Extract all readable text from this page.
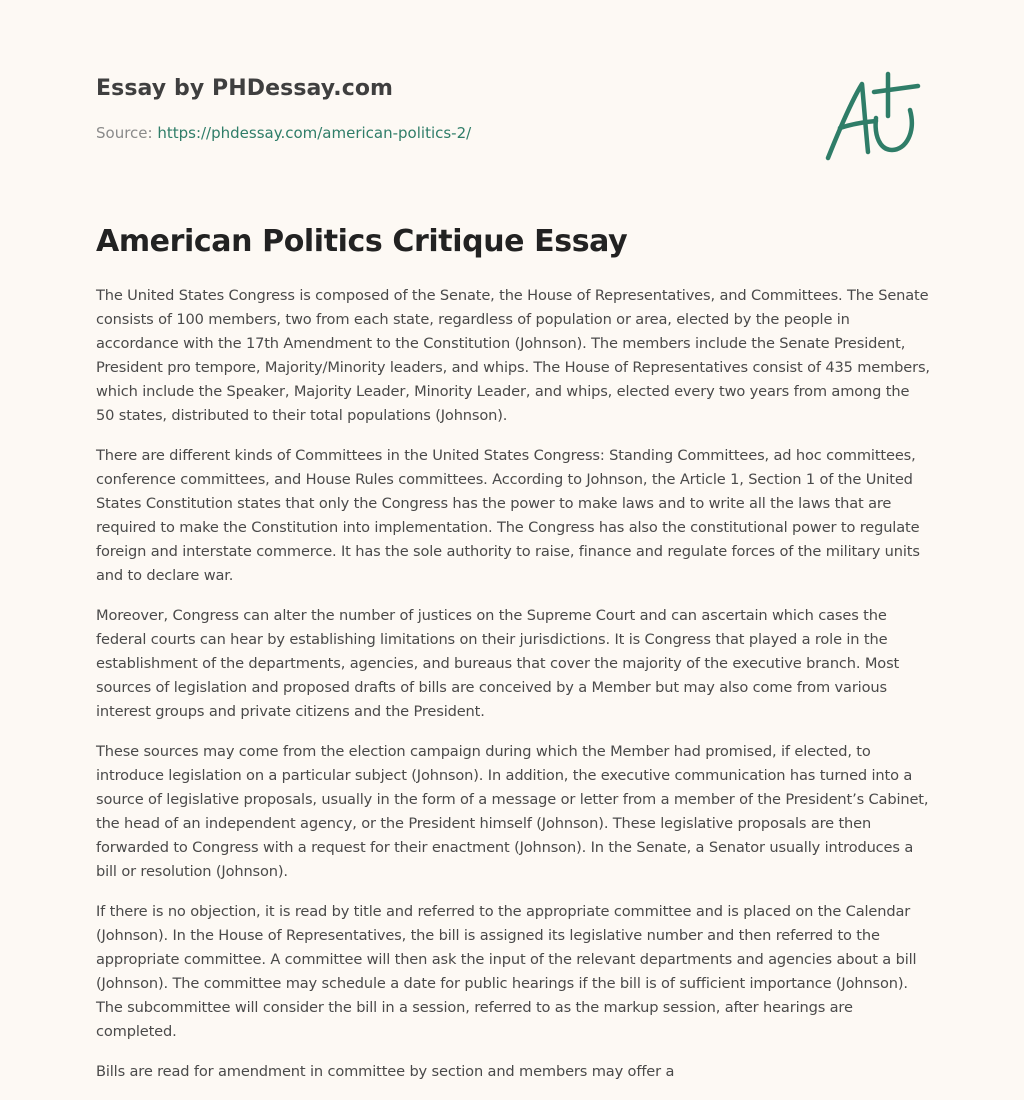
Essay by PHDessay.com
Source: https://phdessay.com/american-politics-2/
American Politics Critique Essay

The United States Congress is composed of the Senate, the House of Representatives, and Committees. The Senate consists of 100 members, two from each state, regardless of population or area, elected by the people in accordance with the 17th Amendment to the Constitution (Johnson). The members include the Senate President, President pro tempore, Majority/Minority leaders, and whips. The House of Representatives consist of 435 members, which include the Speaker, Majority Leader, Minority Leader, and whips, elected every two years from among the 50 states, distributed to their total populations (Johnson).

There are different kinds of Committees in the United States Congress: Standing Committees, ad hoc committees, conference committees, and House Rules committees. According to Johnson, the Article 1, Section 1 of the United States Constitution states that only the Congress has the power to make laws and to write all the laws that are required to make the Constitution into implementation. The Congress has also the constitutional power to regulate foreign and interstate commerce. It has the sole authority to raise, finance and regulate forces of the military units and to declare war.

Moreover, Congress can alter the number of justices on the Supreme Court and can ascertain which cases the federal courts can hear by establishing limitations on their jurisdictions. It is Congress that played a role in the establishment of the departments, agencies, and bureaus that cover the majority of the executive branch. Most sources of legislation and proposed drafts of bills are conceived by a Member but may also come from various interest groups and private citizens and the President.

These sources may come from the election campaign during which the Member had promised, if elected, to introduce legislation on a particular subject (Johnson). In addition, the executive communication has turned into a source of legislative proposals, usually in the form of a message or letter from a member of the President’s Cabinet, the head of an independent agency, or the President himself (Johnson). These legislative proposals are then forwarded to Congress with a request for their enactment (Johnson). In the Senate, a Senator usually introduces a bill or resolution (Johnson).

If there is no objection, it is read by title and referred to the appropriate committee and is placed on the Calendar (Johnson). In the House of Representatives, the bill is assigned its legislative number and then referred to the appropriate committee. A committee will then ask the input of the relevant departments and agencies about a bill (Johnson). The committee may schedule a date for public hearings if the bill is of sufficient importance (Johnson). The subcommittee will consider the bill in a session, referred to as the markup session, after hearings are completed.

Bills are read for amendment in committee by section and members may offer a
